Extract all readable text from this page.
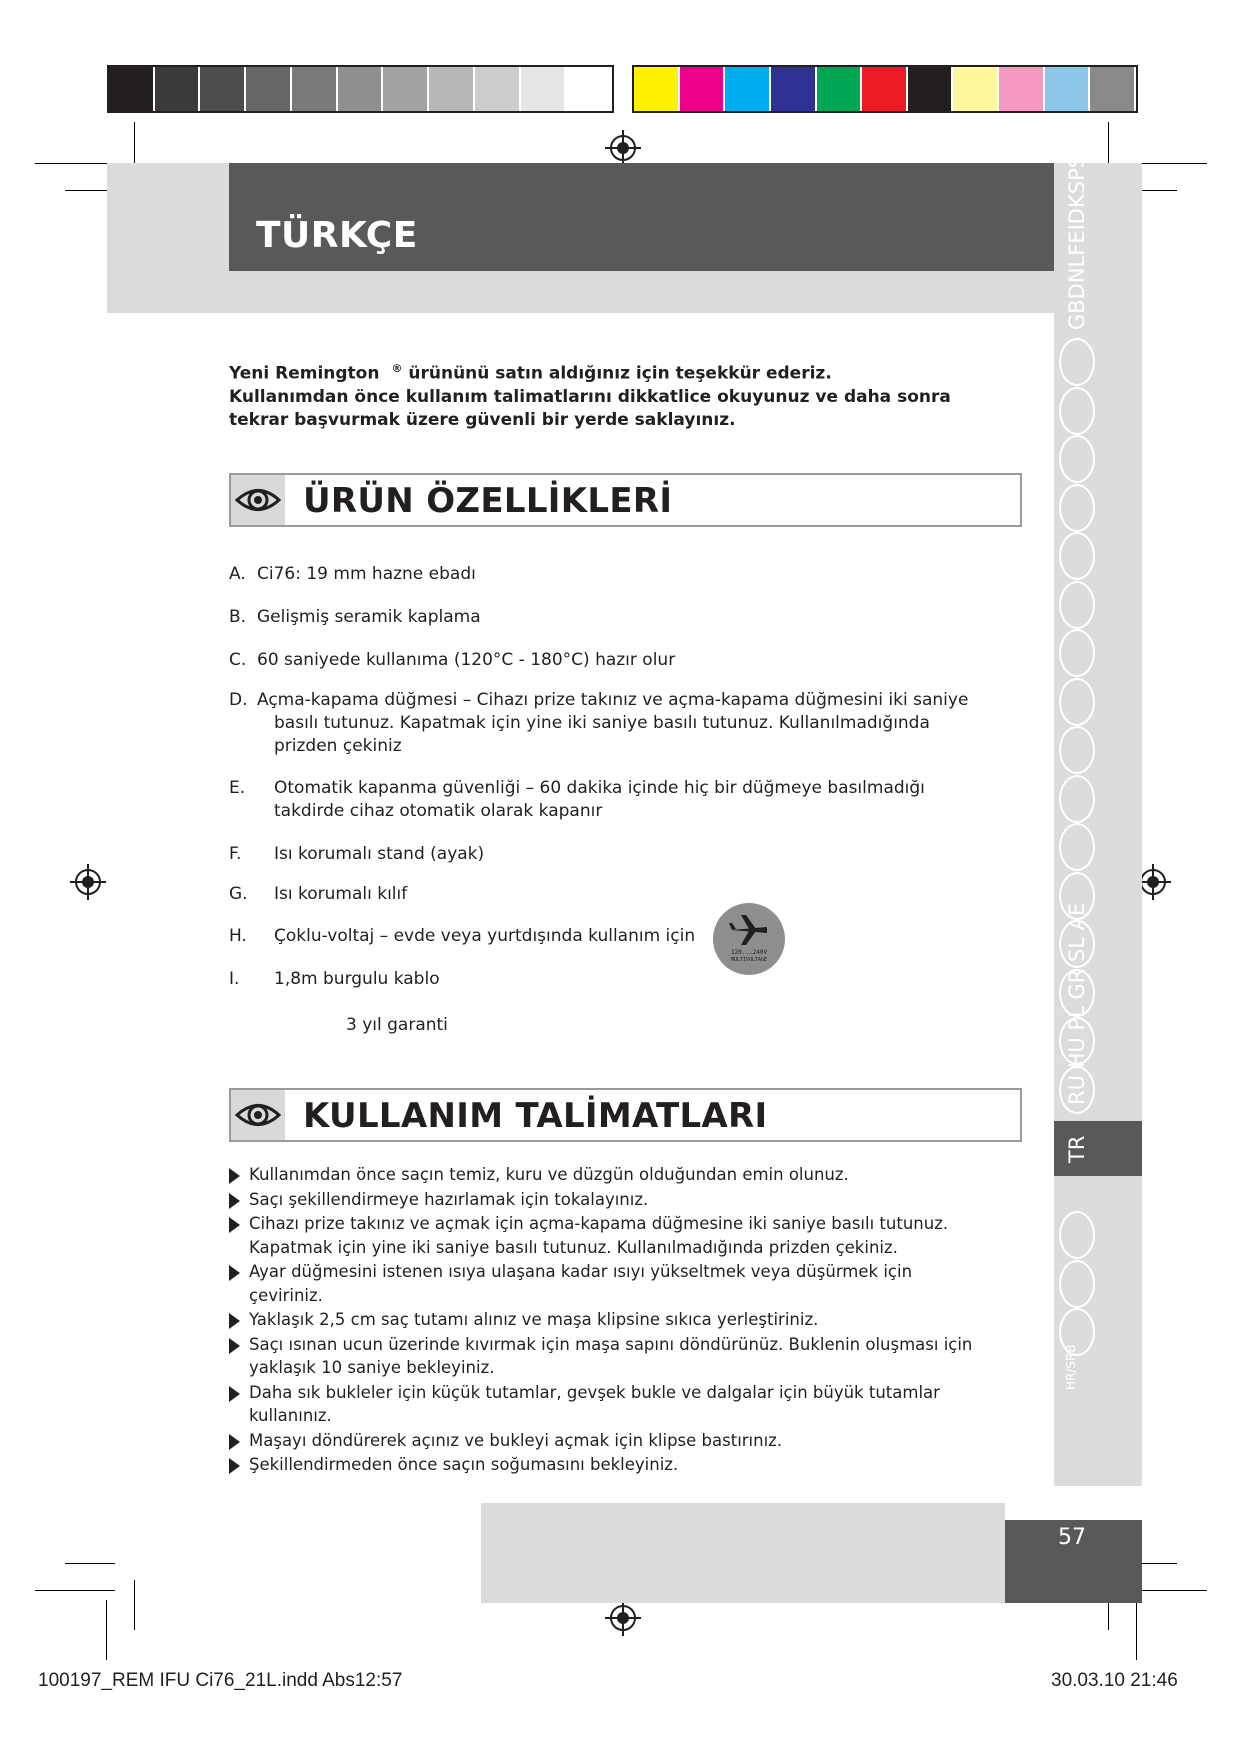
57
TÜRKÇE	GBDNLFEIDKSPSKCZ
RU HU PL GR SL AE
TR
HR/SRB

Yeni Remington ® ürününü satın aldığınız için teşekkür ederiz.

Kullanımdan önce kullanım talimatlarını dikkatlice okuyunuz ve daha sonra

tekrar başvurmak üzere güvenli bir yerde saklayınız.

ÜRÜN ÖZELLİKLERİ
A. Ci76: 19 mm hazne ebadı
B. Gelişmiş seramik kaplama
C. 60 saniyede kullanıma (120°C - 180°C) hazır olur
D. Açma-kapama düğmesi – Cihazı prize takınız ve açma-kapama düğmesini iki saniye
basılı tutunuz. Kapatmak için yine iki saniye basılı tutunuz. Kullanılmadığında prizden çekiniz
E. Otomatik kapanma güvenliği – 60 dakika içinde hiç bir düğmeye basılmadığı takdirde cihaz otomatik olarak kapanır
F. Isı korumalı stand (ayak)
G. Isı korumalı kılıf
H. Çoklu-voltaj – evde veya yurtdışında kullanım için
I. 1,8m burgulu kablo
3 yıl garanti
120...240V
MULTIVOLTAGE
KULLANIM TALİMATLARI
Kullanımdan önce saçın temiz, kuru ve düzgün olduğundan emin olunuz.
Saçı şekillendirmeye hazırlamak için tokalayınız.
Cihazı prize takınız ve açmak için açma-kapama düğmesine iki saniye basılı tutunuz. Kapatmak için yine iki saniye basılı tutunuz. Kullanılmadığında prizden çekiniz.
Ayar düğmesini istenen ısıya ulaşana kadar ısıyı yükseltmek veya düşürmek için çeviriniz.
Yaklaşık 2,5 cm saç tutamı alınız ve maşa klipsine sıkıca yerleştiriniz.
Saçı ısınan ucun üzerinde kıvırmak için maşa sapını döndürünüz. Buklenin oluşması için yaklaşık 10 saniye bekleyiniz.
Daha sık bukleler için küçük tutamlar, gevşek bukle ve dalgalar için büyük tutamlar kullanınız.
Maşayı döndürerek açınız ve bukleyi açmak için klipse bastırınız.
Şekillendirmeden önce saçın soğumasını bekleyiniz.
100197_REM IFU Ci76_21L.indd Abs12:57	30.03.10 21:46
